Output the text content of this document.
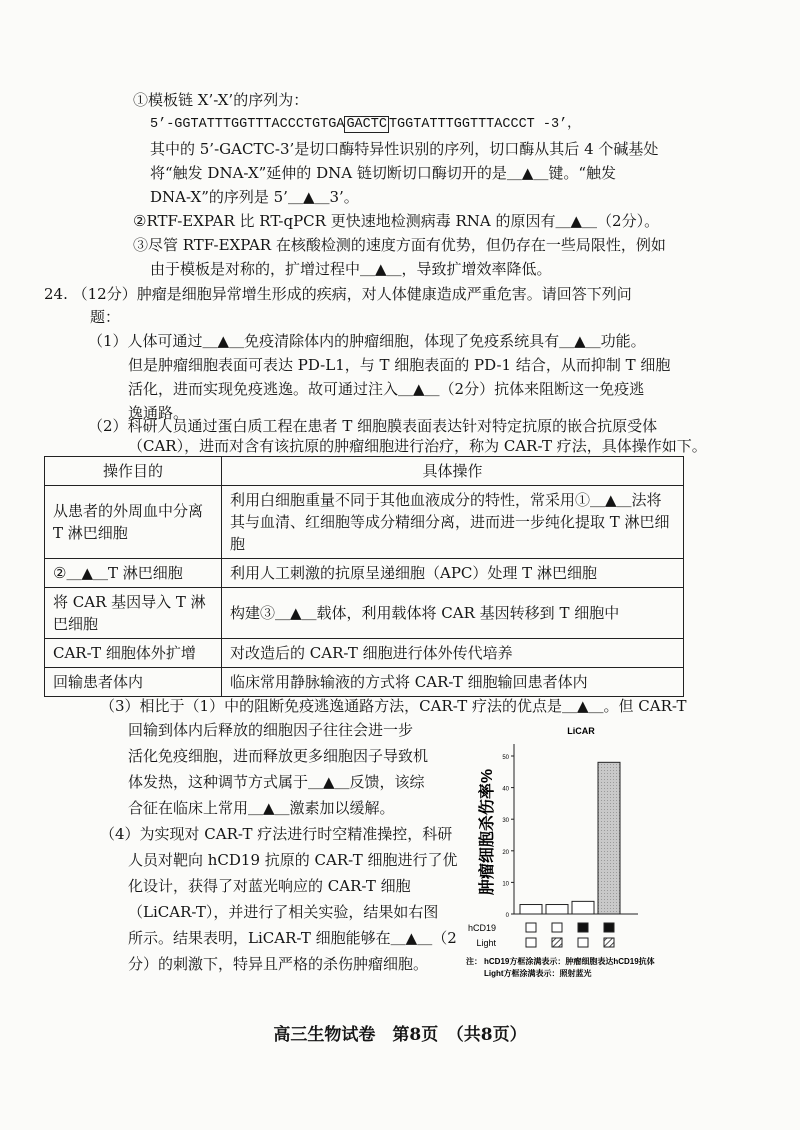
①模板链 X’-X’的序列为：
5’-GGTATTTGGTTTACCCTGTGA GACTC TGGTATTTGGTTTACCCT -3’，
其中的 5’-GACTC-3’是切口酶特异性识别的序列，切口酶从其后 4 个碱基处
将“触发 DNA-X”延伸的 DNA 链切断切口酶切开的是＿▲＿键。“触发
DNA-X”的序列是 5’＿▲＿3’。
②RTF-EXPAR 比 RT-qPCR 更快速地检测病毒 RNA 的原因有＿▲＿（2分）。
③尽管 RTF-EXPAR 在核酸检测的速度方面有优势，但仍存在一些局限性，例如
由于模板是对称的，扩增过程中＿▲＿，导致扩增效率降低。
24. （12分）肿瘤是细胞异常增生形成的疾病，对人体健康造成严重危害。请回答下列问
题：
（1）人体可通过＿▲＿免疫清除体内的肿瘤细胞，体现了免疫系统具有＿▲＿功能。
但是肿瘤细胞表面可表达 PD-L1，与 T 细胞表面的 PD-1 结合，从而抑制 T 细胞
活化，进而实现免疫逃逸。故可通过注入＿▲＿（2分）抗体来阻断这一免疫逃
逸通路。
（2）科研人员通过蛋白质工程在患者 T 细胞膜表面表达针对特定抗原的嵌合抗原受体
（CAR），进而对含有该抗原的肿瘤细胞进行治疗，称为 CAR-T 疗法，具体操作如下。
操作目的	具体操作
从患者的外周血中分离 T 淋巴细胞	利用白细胞重量不同于其他血液成分的特性，常采用①＿▲＿法将其与血清、红细胞等成分精细分离，进而进一步纯化提取 T 淋巴细胞
②＿▲＿T 淋巴细胞	利用人工刺激的抗原呈递细胞（APC）处理 T 淋巴细胞
将 CAR 基因导入 T 淋巴细胞	构建③＿▲＿载体，利用载体将 CAR 基因转移到 T 细胞中
CAR-T 细胞体外扩增	对改造后的 CAR-T 细胞进行体外传代培养
回输患者体内	临床常用静脉输液的方式将 CAR-T 细胞输回患者体内
（3）相比于（1）中的阻断免疫逃逸通路方法，CAR-T 疗法的优点是＿▲＿。但 CAR-T
回输到体内后释放的细胞因子往往会进一步
活化免疫细胞，进而释放更多细胞因子导致机
体发热，这种调节方式属于＿▲＿反馈，该综
合征在临床上常用＿▲＿激素加以缓解。
（4）为实现对 CAR-T 疗法进行时空精准操控，科研
人员对靶向 hCD19 抗原的 CAR-T 细胞进行了优
化设计，获得了对蓝光响应的 CAR-T 细胞
（LiCAR-T），并进行了相关实验，结果如右图
所示。结果表明，LiCAR-T 细胞能够在＿▲＿（2
分）的刺激下，特异且严格的杀伤肿瘤细胞。
LiCAR
肿瘤细胞杀伤率%
0
10
20
30
40
50
hCD19
Light
注： hCD19方框涂满表示：肿瘤细胞表达hCD19抗体
Light方框涂满表示：照射蓝光
高三生物试卷　第8页　（共8页）
